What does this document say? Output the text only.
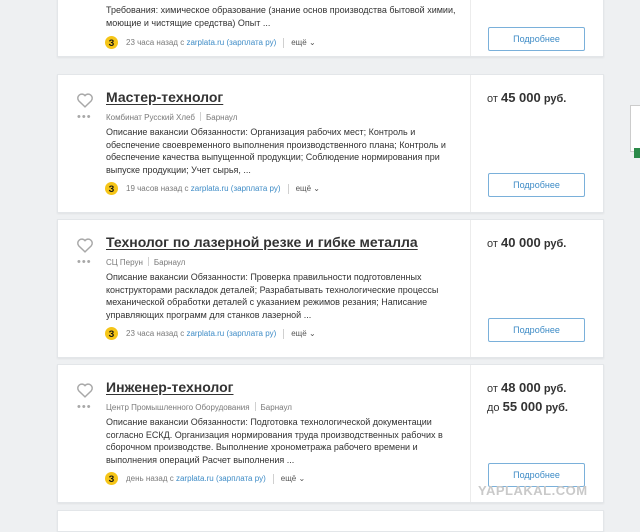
Требования: химическое образование (знание основ производства бытовой химии, моющие и чистящие средства) Опыт ...
З	23 часа назад с
zarplata.ru (зарплата ру) ещё ⌄	Подробнее
•••
Мастер-технолог
Комбинат Русский Хлеб Барнаул
Описание вакансии Обязанности: Организация рабочих мест; Контроль и обеспечение своевременного выполнения производственного плана; Контроль и обеспечение качества выпущенной продукции; Соблюдение нормирования при выпуске продукции; Учет сырья, ...
З	19 часов назад с
zarplata.ru (зарплата ру) ещё ⌄
от 45 000 руб.
Подробнее
•••
Технолог по лазерной резке и гибке металла
СЦ Перун Барнаул
Описание вакансии Обязанности: Проверка правильности подготовленных конструкторами раскладок деталей; Разрабатывать технологические процессы механической обработки деталей с указанием режимов резания; Написание управляющих программ для станков лазерной ...
З	23 часа назад с
zarplata.ru (зарплата ру) ещё ⌄
от 40 000 руб.
Подробнее
•••
Инженер-технолог
Центр Промышленного Оборудования Барнаул
Описание вакансии Обязанности: Подготовка технологической документации согласно ЕСКД. Организация нормирования труда производственных рабочих в сборочном производстве. Выполнение хронометража рабочего времени и выполнения операций Расчет выполнения ...
З	день назад с
zarplata.ru (зарплата ру) ещё ⌄
от 48 000 руб.
до 55 000 руб.
Подробнее
YAPLAKAL.COM
